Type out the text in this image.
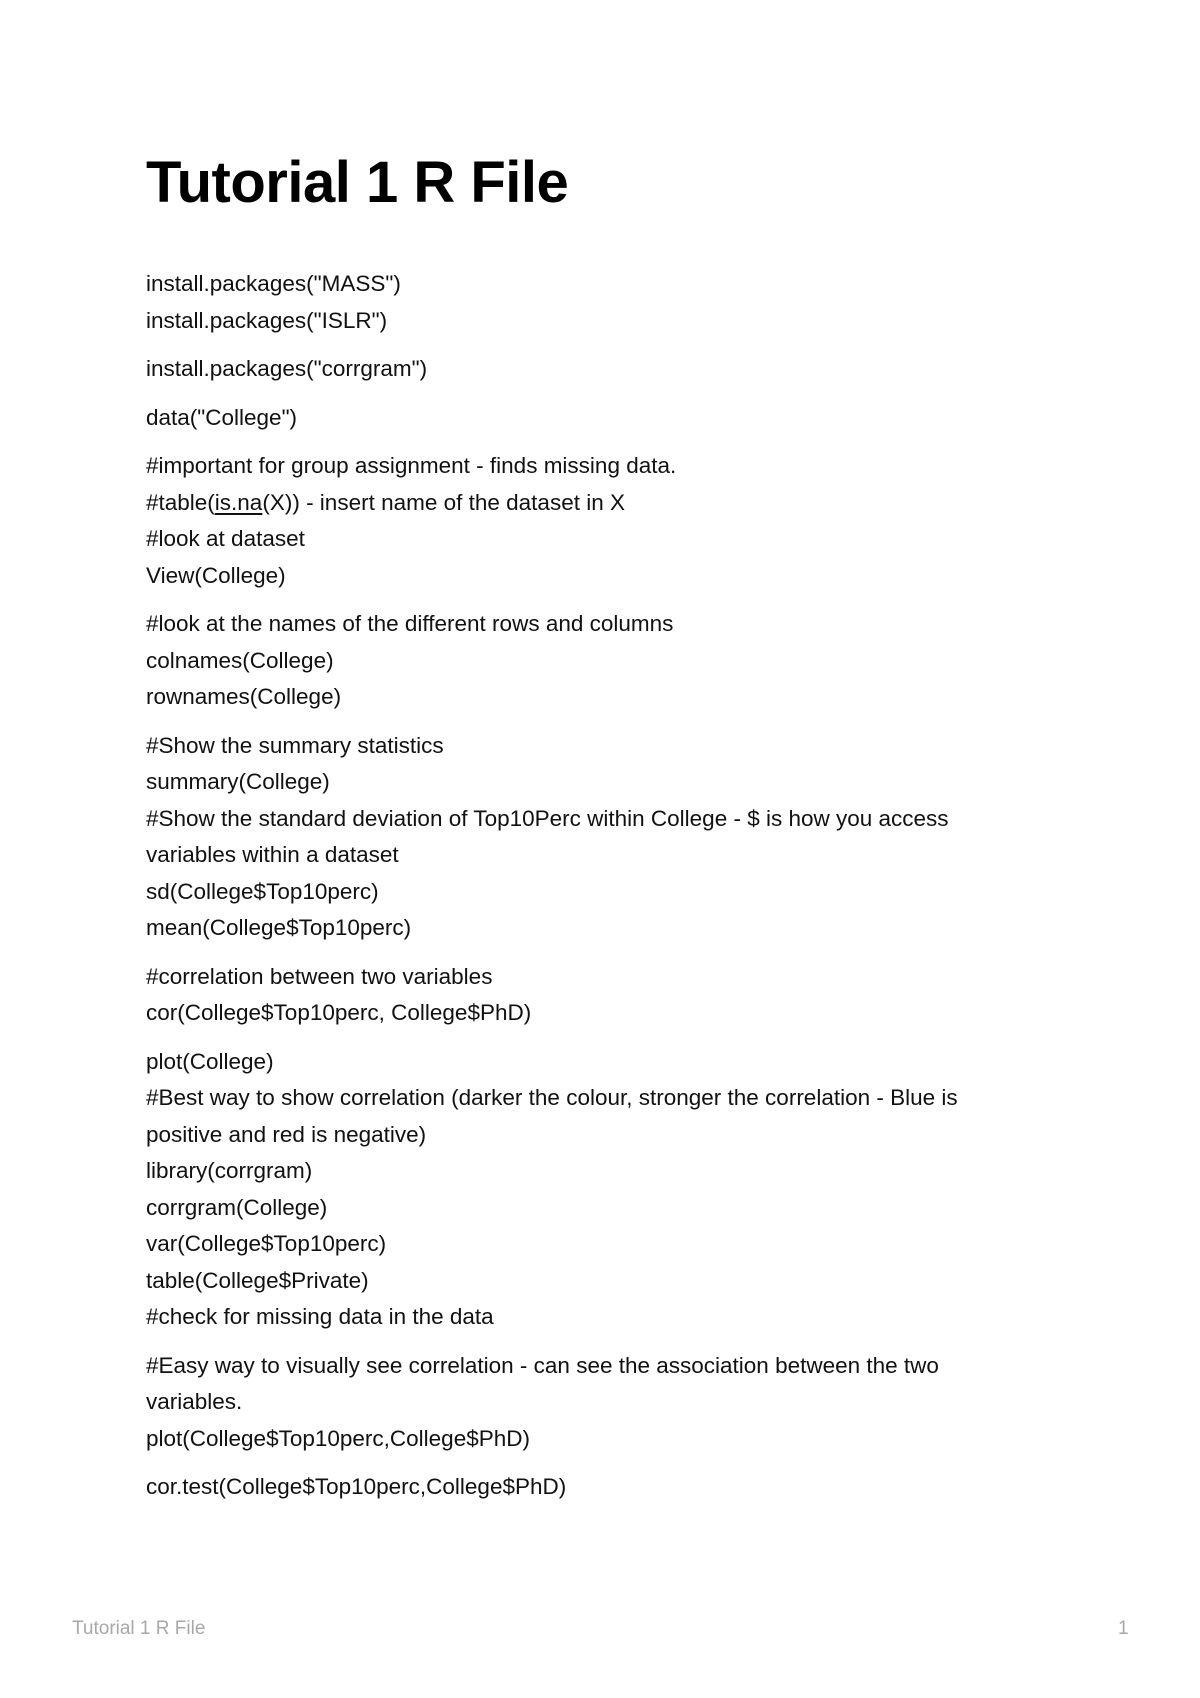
Tutorial 1 R File

install.packages("MASS")
install.packages("ISLR")

install.packages("corrgram")

data("College")

#important for group assignment - finds missing data.
#table(is.na(X)) - insert name of the dataset in X
#look at dataset
View(College)

#look at the names of the different rows and columns
colnames(College)
rownames(College)

#Show the summary statistics
summary(College)
#Show the standard deviation of Top10Perc within College - $ is how you access
variables within a dataset
sd(College$Top10perc)
mean(College$Top10perc)

#correlation between two variables
cor(College$Top10perc, College$PhD)

plot(College)
#Best way to show correlation (darker the colour, stronger the correlation - Blue is
positive and red is negative)
library(corrgram)
corrgram(College)
var(College$Top10perc)
table(College$Private)
#check for missing data in the data

#Easy way to visually see correlation - can see the association between the two
variables.
plot(College$Top10perc,College$PhD)

cor.test(College$Top10perc,College$PhD)

Tutorial 1 R File	1
